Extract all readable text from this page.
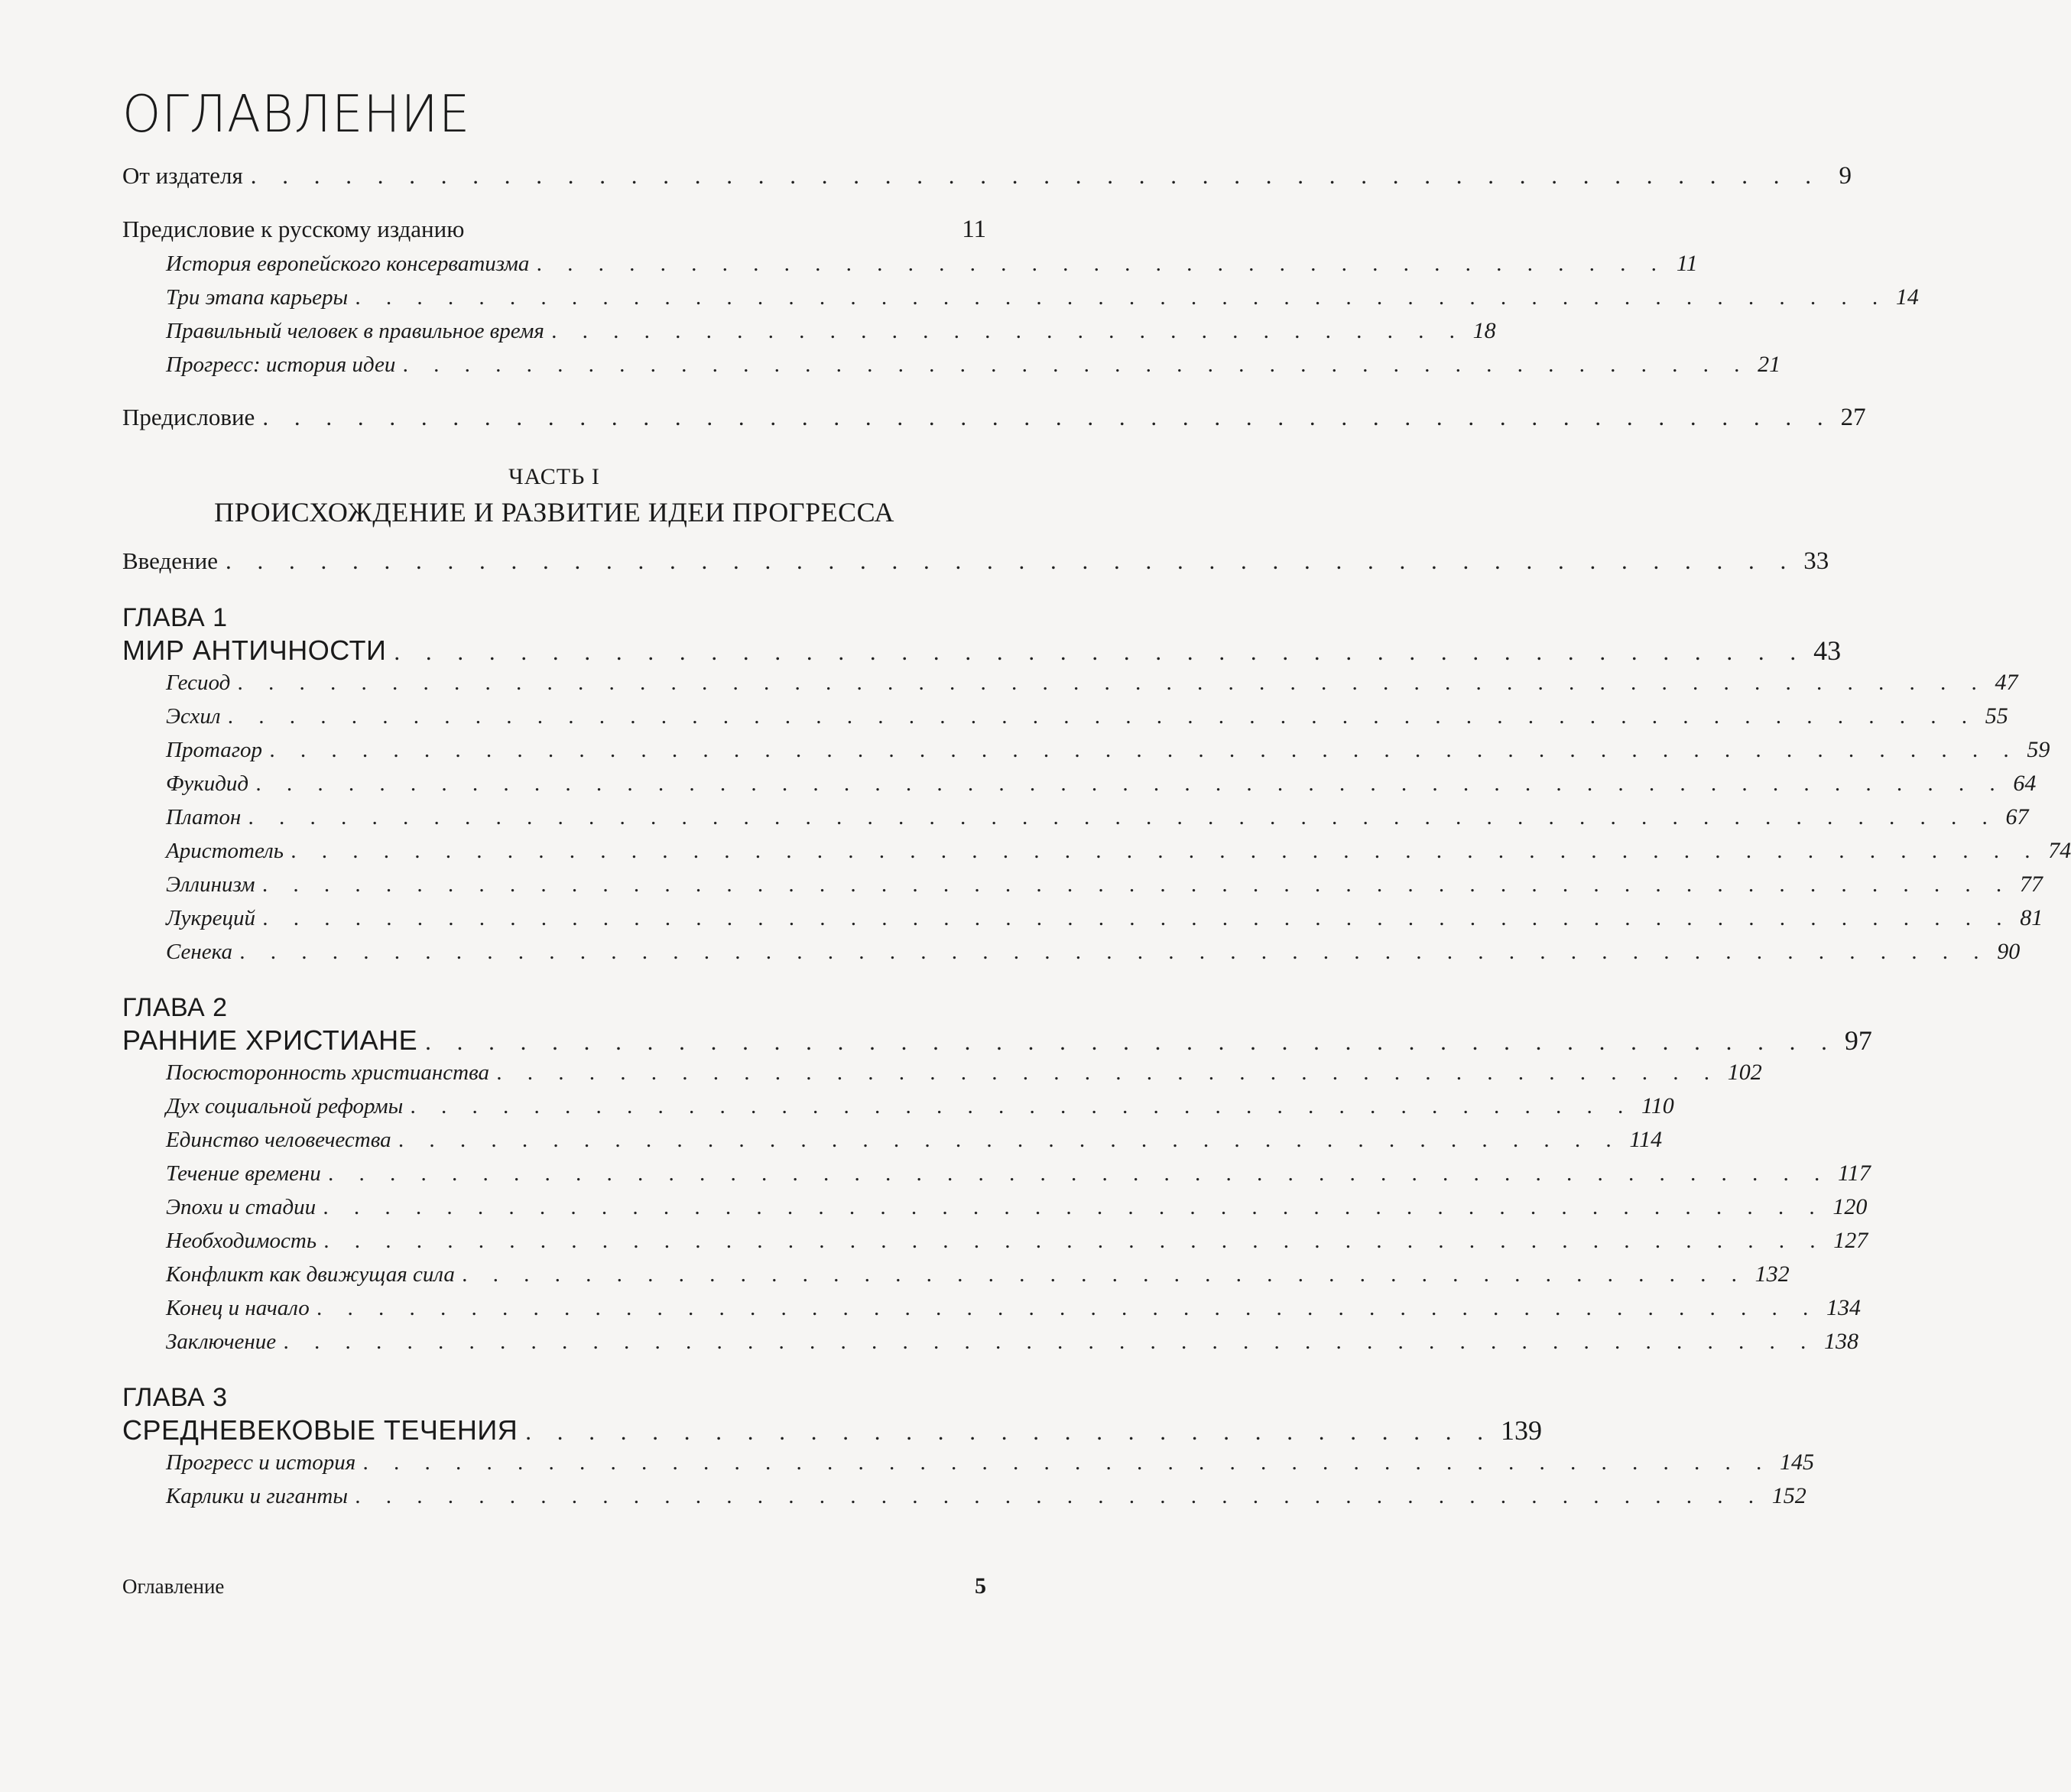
ОГЛАВЛЕНИЕ
От издателя . . . . . . . . . . . . . . . . . . . . . . . . . . . . . . . . . . . . . . . . . . . . . . . . . . 9
Предисловие к русскому изданию	11
История европейского консерватизма . . . . . . . . . . . . . . . . . . . . . . . . . . . . . . . . . . . . . 11
Три этапа карьеры . . . . . . . . . . . . . . . . . . . . . . . . . . . . . . . . . . . . . . . . . . . . . . . . . . 14
Правильный человек в правильное время . . . . . . . . . . . . . . . . . . . . . . . . . . . . . . 18
Прогресс: история идеи . . . . . . . . . . . . . . . . . . . . . . . . . . . . . . . . . . . . . . . . . . . . 21
Предисловие . . . . . . . . . . . . . . . . . . . . . . . . . . . . . . . . . . . . . . . . . . . . . . . . . . 27
ЧАСТЬ I
ПРОИСХОЖДЕНИЕ И РАЗВИТИЕ ИДЕИ ПРОГРЕССА
Введение . . . . . . . . . . . . . . . . . . . . . . . . . . . . . . . . . . . . . . . . . . . . . . . . . . 33
ГЛАВА 1
МИР АНТИЧНОСТИ . . . . . . . . . . . . . . . . . . . . . . . . . . . . . . . . . . . . . . . . . . . . . 43
Гесиод . . . . . . . . . . . . . . . . . . . . . . . . . . . . . . . . . . . . . . . . . . . . . . . . . . . . . . . . . 47
Эсхил . . . . . . . . . . . . . . . . . . . . . . . . . . . . . . . . . . . . . . . . . . . . . . . . . . . . . . . . . 55
Протагор . . . . . . . . . . . . . . . . . . . . . . . . . . . . . . . . . . . . . . . . . . . . . . . . . . . . . . . . . 59
Фукидид . . . . . . . . . . . . . . . . . . . . . . . . . . . . . . . . . . . . . . . . . . . . . . . . . . . . . . . . . 64
Платон . . . . . . . . . . . . . . . . . . . . . . . . . . . . . . . . . . . . . . . . . . . . . . . . . . . . . . . . . 67
Аристотель . . . . . . . . . . . . . . . . . . . . . . . . . . . . . . . . . . . . . . . . . . . . . . . . . . . . . . . . . 74
Эллинизм . . . . . . . . . . . . . . . . . . . . . . . . . . . . . . . . . . . . . . . . . . . . . . . . . . . . . . . . . 77
Лукреций . . . . . . . . . . . . . . . . . . . . . . . . . . . . . . . . . . . . . . . . . . . . . . . . . . . . . . . . . 81
Сенека . . . . . . . . . . . . . . . . . . . . . . . . . . . . . . . . . . . . . . . . . . . . . . . . . . . . . . . . . 90
ГЛАВА 2
РАННИЕ ХРИСТИАНЕ . . . . . . . . . . . . . . . . . . . . . . . . . . . . . . . . . . . . . . . . . . . . . 97
Посюсторонность христианства . . . . . . . . . . . . . . . . . . . . . . . . . . . . . . . . . . . . . . . . 102
Дух социальной реформы . . . . . . . . . . . . . . . . . . . . . . . . . . . . . . . . . . . . . . . . 110
Единство человечества . . . . . . . . . . . . . . . . . . . . . . . . . . . . . . . . . . . . . . . . 114
Течение времени . . . . . . . . . . . . . . . . . . . . . . . . . . . . . . . . . . . . . . . . . . . . . . . . . 117
Эпохи и стадии . . . . . . . . . . . . . . . . . . . . . . . . . . . . . . . . . . . . . . . . . . . . . . . . . 120
Необходимость . . . . . . . . . . . . . . . . . . . . . . . . . . . . . . . . . . . . . . . . . . . . . . . . . 127
Конфликт как движущая сила . . . . . . . . . . . . . . . . . . . . . . . . . . . . . . . . . . . . . . . . . . 132
Конец и начало . . . . . . . . . . . . . . . . . . . . . . . . . . . . . . . . . . . . . . . . . . . . . . . . . 134
Заключение . . . . . . . . . . . . . . . . . . . . . . . . . . . . . . . . . . . . . . . . . . . . . . . . . . 138
ГЛАВА 3
СРЕДНЕВЕКОВЫЕ ТЕЧЕНИЯ . . . . . . . . . . . . . . . . . . . . . . . . . . . . . . . 139
Прогресс и история . . . . . . . . . . . . . . . . . . . . . . . . . . . . . . . . . . . . . . . . . . . . . . 145
Карлики и гиганты . . . . . . . . . . . . . . . . . . . . . . . . . . . . . . . . . . . . . . . . . . . . . . 152
Оглавление	5
